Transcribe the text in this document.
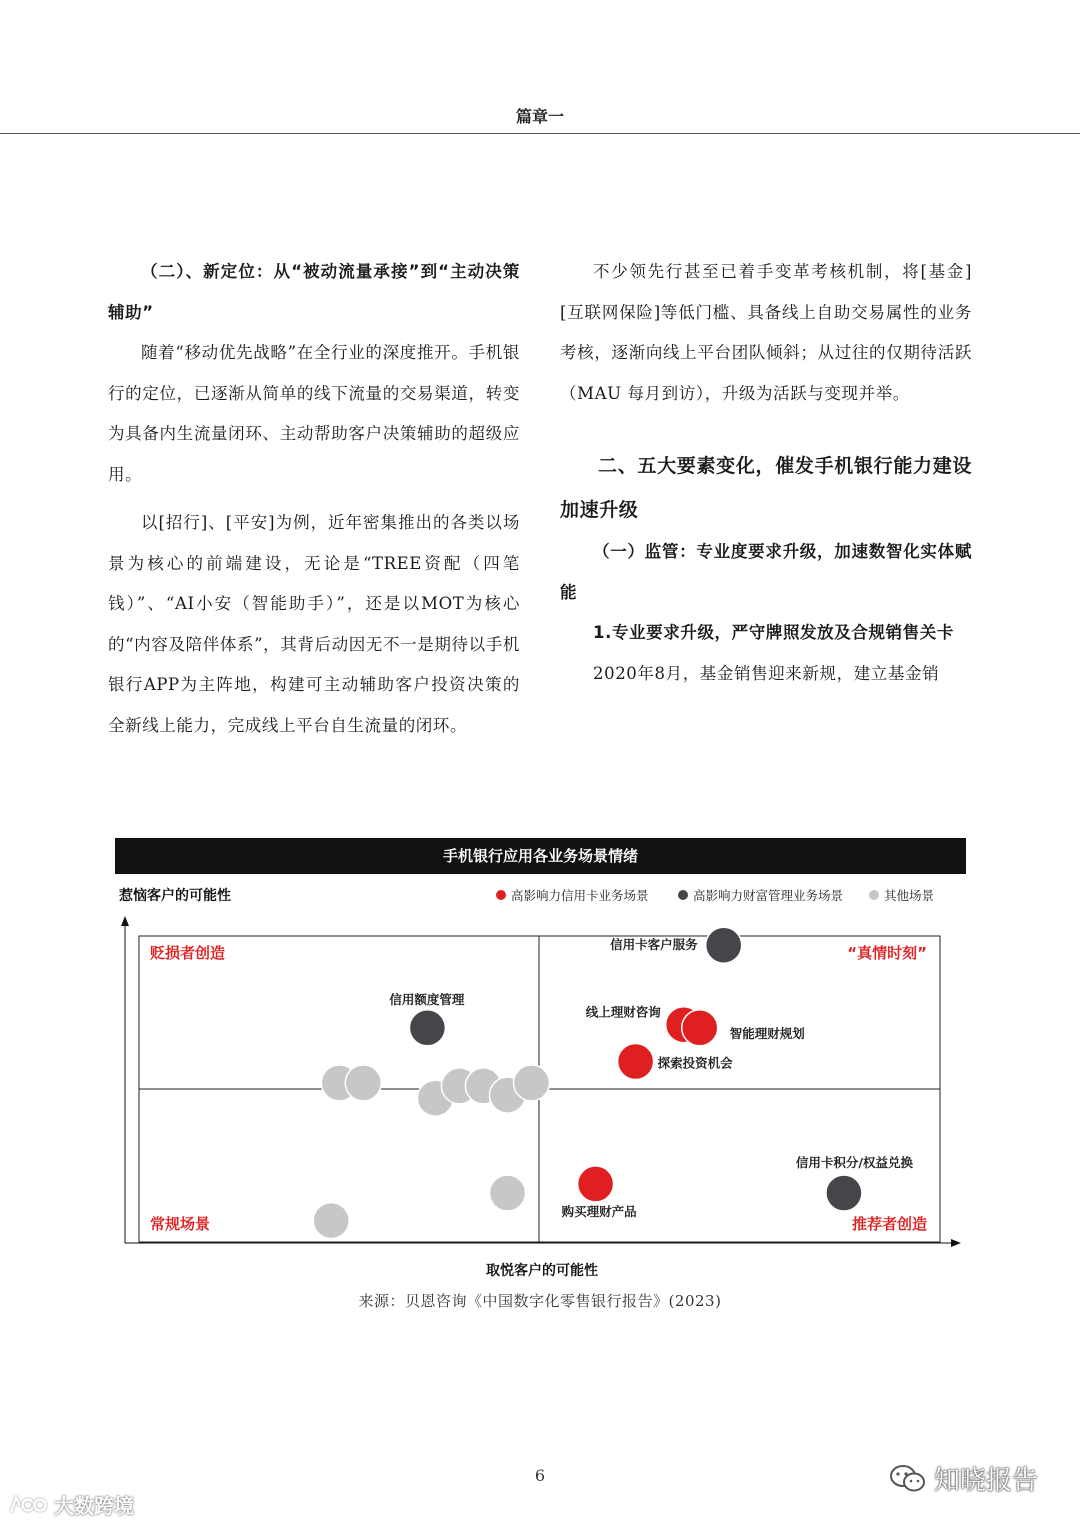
篇章一

（二）、新定位：从“被动流量承接”到“主动决策辅助”

随着“移动优先战略”在全行业的深度推开。手机银行的定位，已逐渐从简单的线下流量的交易渠道，转变为具备内生流量闭环、主动帮助客户决策辅助的超级应用。

以[招行]、[平安]为例，近年密集推出的各类以场景为核心的前端建设，无论是“TREE资配（四笔钱）”、“AI小安（智能助手）”，还是以MOT为核心的“内容及陪伴体系”，其背后动因无不一是期待以手机银行APP为主阵地，构建可主动辅助客户投资决策的全新线上能力，完成线上平台自生流量的闭环。

不少领先行甚至已着手变革考核机制，将[基金][互联网保险]等低门槛、具备线上自助交易属性的业务考核，逐渐向线上平台团队倾斜；从过往的仅期待活跃（MAU 每月到访），升级为活跃与变现并举。

二、五大要素变化，催发手机银行能力建设加速升级

（一）监管：专业度要求升级，加速数智化实体赋能

1.专业要求升级，严守牌照发放及合规销售关卡

2020年8月，基金销售迎来新规，建立基金销

手机银行应用各业务场景情绪
惹恼客户的可能性	高影响力信用卡业务场景	高影响力财富管理业务场景	其他场景
贬损者创造	“真情时刻”
常规场景	推荐者创造
信用卡客户服务
信用额度管理
线上理财咨询
智能理财规划
探索投资机会
信用卡积分/权益兑换
购买理财产品
取悦客户的可能性
来源：贝恩咨询《中国数字化零售银行报告》(2023)
6
大数跨境
知晓报告
